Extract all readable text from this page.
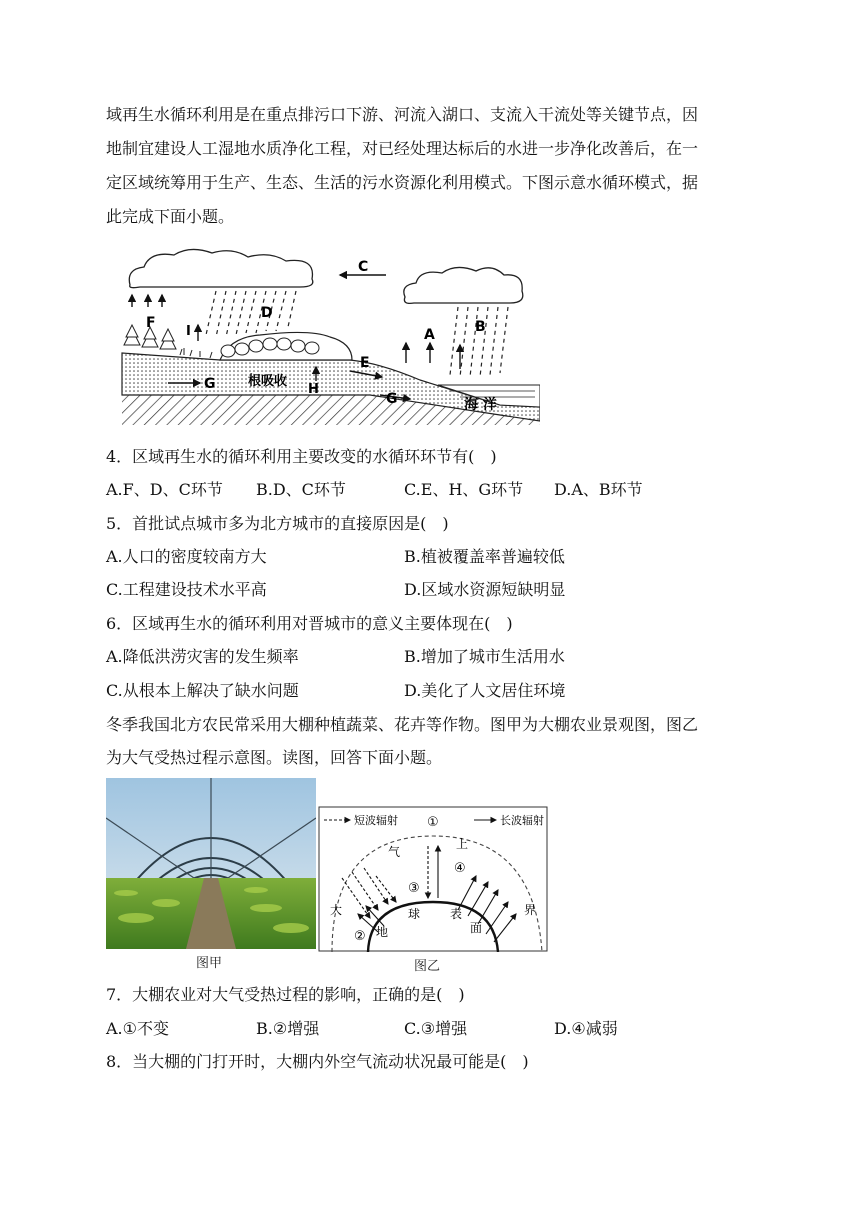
域再生水循环利用是在重点排污口下游、河流入湖口、支流入干流处等关键节点，因
地制宜建设人工湿地水质净化工程，对已经处理达标后的水进一步净化改善后，在一
定区域统筹用于生产、生态、生活的污水资源化利用模式。下图示意水循环模式，据
此完成下面小题。
C
D
F
I	A	B
E
G	根吸收
H
G	海 洋
4．区域再生水的循环利用主要改变的水循环环节有( )
A.F、D、C环节 B.D、C环节	C.E、H、G环节 D.A、B环节
5．首批试点城市多为北方城市的直接原因是( )
A.人口的密度较南方大	B.植被覆盖率普遍较低
C.工程建设技术水平高	D.区域水资源短缺明显
6．区域再生水的循环利用对晋城市的意义主要体现在( )
A.降低洪涝灾害的发生频率	B.增加了城市生活用水
C.从根本上解决了缺水问题	D.美化了人文居住环境
冬季我国北方农民常采用大棚种植蔬菜、花卉等作物。图甲为大棚农业景观图，图乙
为大气受热过程示意图。读图，回答下面小题。
图甲
短波辐射	长波辐射
①
②
③
④
气
上
大	界
球 表
地	面
图乙
7．大棚农业对大气受热过程的影响，正确的是( )
A.①不变	B.②增强	C.③增强	D.④减弱
8．当大棚的门打开时，大棚内外空气流动状况最可能是( )
